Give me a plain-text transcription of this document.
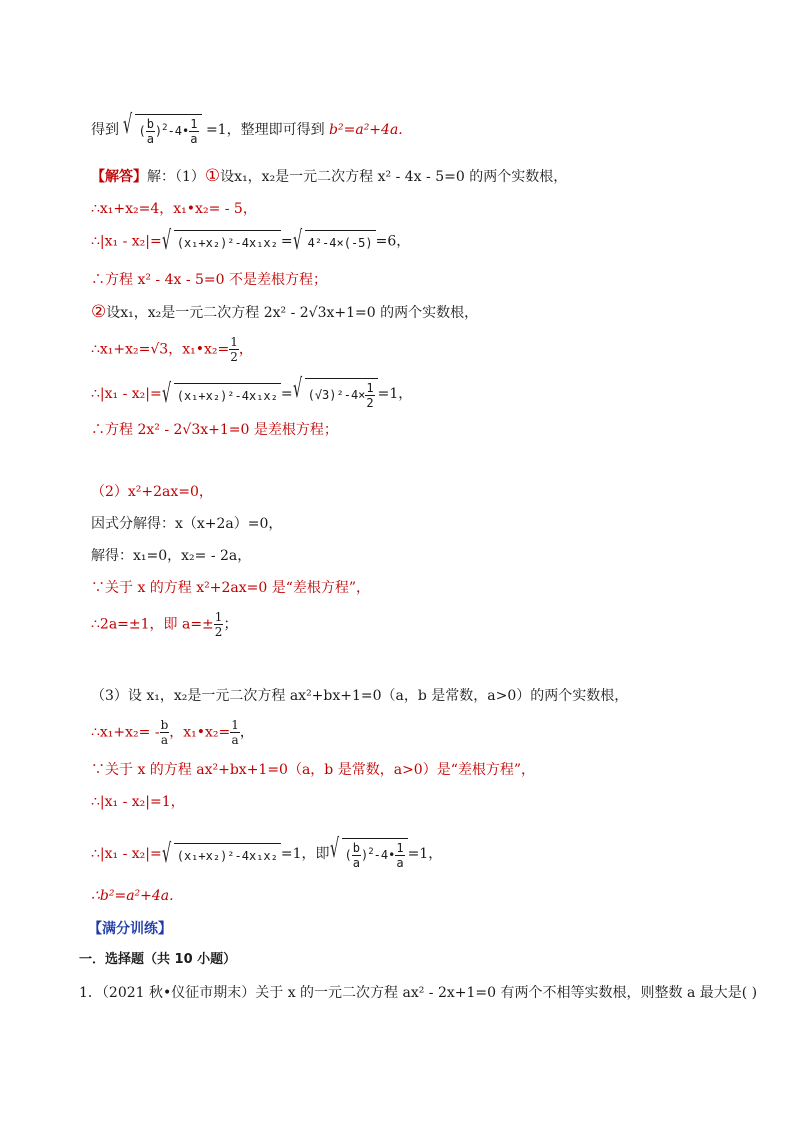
得到 √ ( $\frac{b}{a}$ )$^2$-4• $\frac{1}{a} =1$，整理即可得到 b²=a²+4a.
【解答】解：（1）①设x₁，x₂是一元二次方程 x² - 4x - 5=0 的两个实数根，
∴x₁+x₂=4，x₁•x₂= - 5，
∴|x₁ - x₂|= √ (x₁+x₂)²-4x₁x₂ = √ 4²-4×(-5) =6，
∴方程 x² - 4x - 5=0 不是差根方程；
②设x₁，x₂是一元二次方程 2x² - 2√3x+1=0 的两个实数根，
∴x₁+x₂=√3，x₁•x₂= $\frac{1}{2}$ ，
∴|x₁ - x₂|= √ (x₁+x₂)²-4x₁x₂ = √ $(√3)^2-4\times \frac{1}{2} =1$，
∴方程 2x² - 2√3x+1=0 是差根方程；
（2）x²+2ax=0，
因式分解得：x（x+2a）=0，
解得：x₁=0，x₂= - 2a，
∵关于 x 的方程 x²+2ax=0 是“差根方程”，
∴2a=±1，即 $a=\pm \frac{1}{2}$ ；
（3）设 x₁，x₂是一元二次方程 ax²+bx+1=0（a，b 是常数，a>0）的两个实数根，
∴x₁+x₂= - $\frac{b}{a}$ ，x₁•x₂= $\frac{1}{a}$ ，
∵关于 x 的方程 ax²+bx+1=0（a，b 是常数，a>0）是“差根方程”，
∴|x₁ - x₂|=1，
∴|x₁ - x₂|= √ (x₁+x₂)²-4x₁x₂ =1，即 √ ( $\frac{b}{a}$ )$^2$-4• $\frac{1}{a} =1$，
∴b²=a²+4a.
【满分训练】
一．选择题（共 10 小题）
1．（2021 秋•仪征市期末）关于 x 的一元二次方程 ax² - 2x+1=0 有两个不相等实数根，则整数 a 最大是( )
